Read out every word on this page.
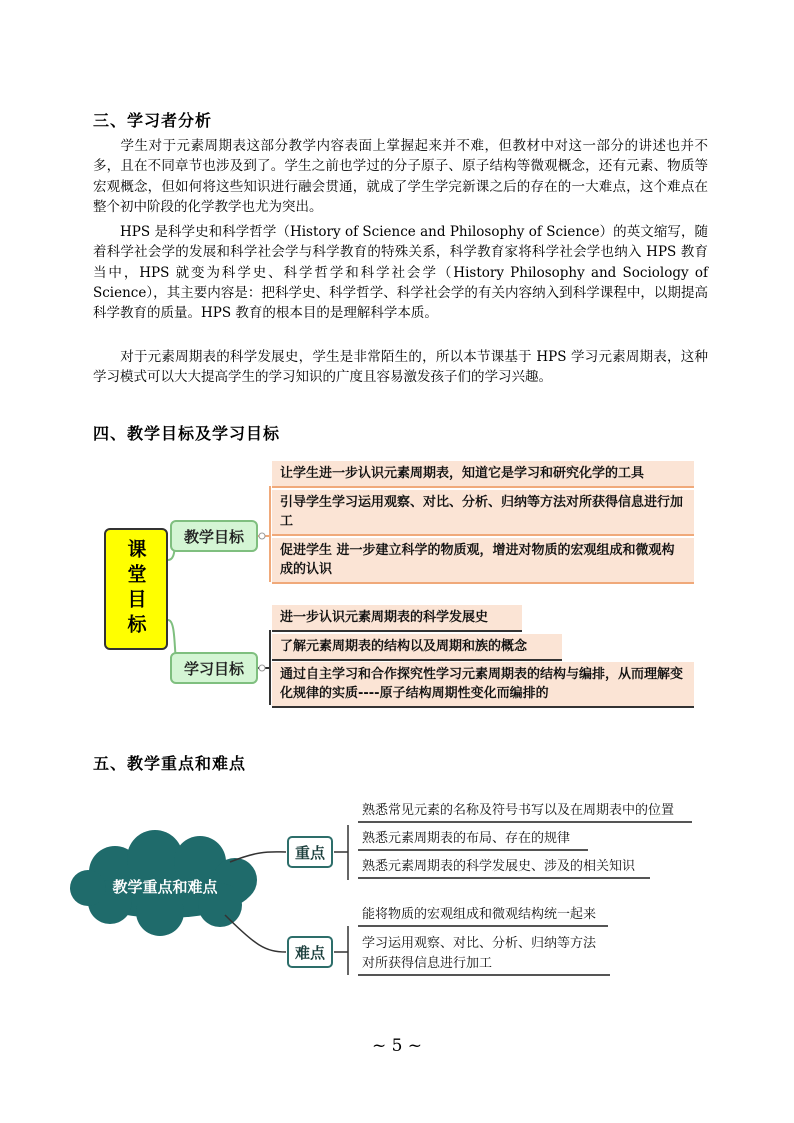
三、学习者分析

学生对于元素周期表这部分教学内容表面上掌握起来并不难，但教材中对这一部分的讲述也并不多，且在不同章节也涉及到了。学生之前也学过的分子原子、原子结构等微观概念，还有元素、物质等宏观概念，但如何将这些知识进行融会贯通，就成了学生学完新课之后的存在的一大难点，这个难点在整个初中阶段的化学教学也尤为突出。

HPS 是科学史和科学哲学（History of Science and Philosophy of Science）的英文缩写，随着科学社会学的发展和科学社会学与科学教育的特殊关系，科学教育家将科学社会学也纳入 HPS 教育当中，HPS 就变为科学史、科学哲学和科学社会学（History Philosophy and Sociology of Science），其主要内容是：把科学史、科学哲学、科学社会学的有关内容纳入到科学课程中，以期提高科学教育的质量。HPS 教育的根本目的是理解科学本质。

对于元素周期表的科学发展史，学生是非常陌生的，所以本节课基于 HPS 学习元素周期表，这种学习模式可以大大提高学生的学习知识的广度且容易激发孩子们的学习兴趣。

四、教学目标及学习目标
课堂目标
教学目标
学习目标
让学生进一步认识元素周期表，知道它是学习和研究化学的工具
引导学生学习运用观察、对比、分析、归纳等方法对所获得信息进行加工
促进学生 进一步建立科学的物质观，增进对物质的宏观组成和微观构成的认识
进一步认识元素周期表的科学发展史
了解元素周期表的结构以及周期和族的概念
通过自主学习和合作探究性学习元素周期表的结构与编排，从而理解变化规律的实质----原子结构周期性变化而编排的
五、教学重点和难点
教学重点和难点
重点
难点
熟悉常见元素的名称及符号书写以及在周期表中的位置
熟悉元素周期表的布局、存在的规律
熟悉元素周期表的科学发展史、涉及的相关知识
能将物质的宏观组成和微观结构统一起来
学习运用观察、对比、分析、归纳等方法对所获得信息进行加工
~ 5 ~
